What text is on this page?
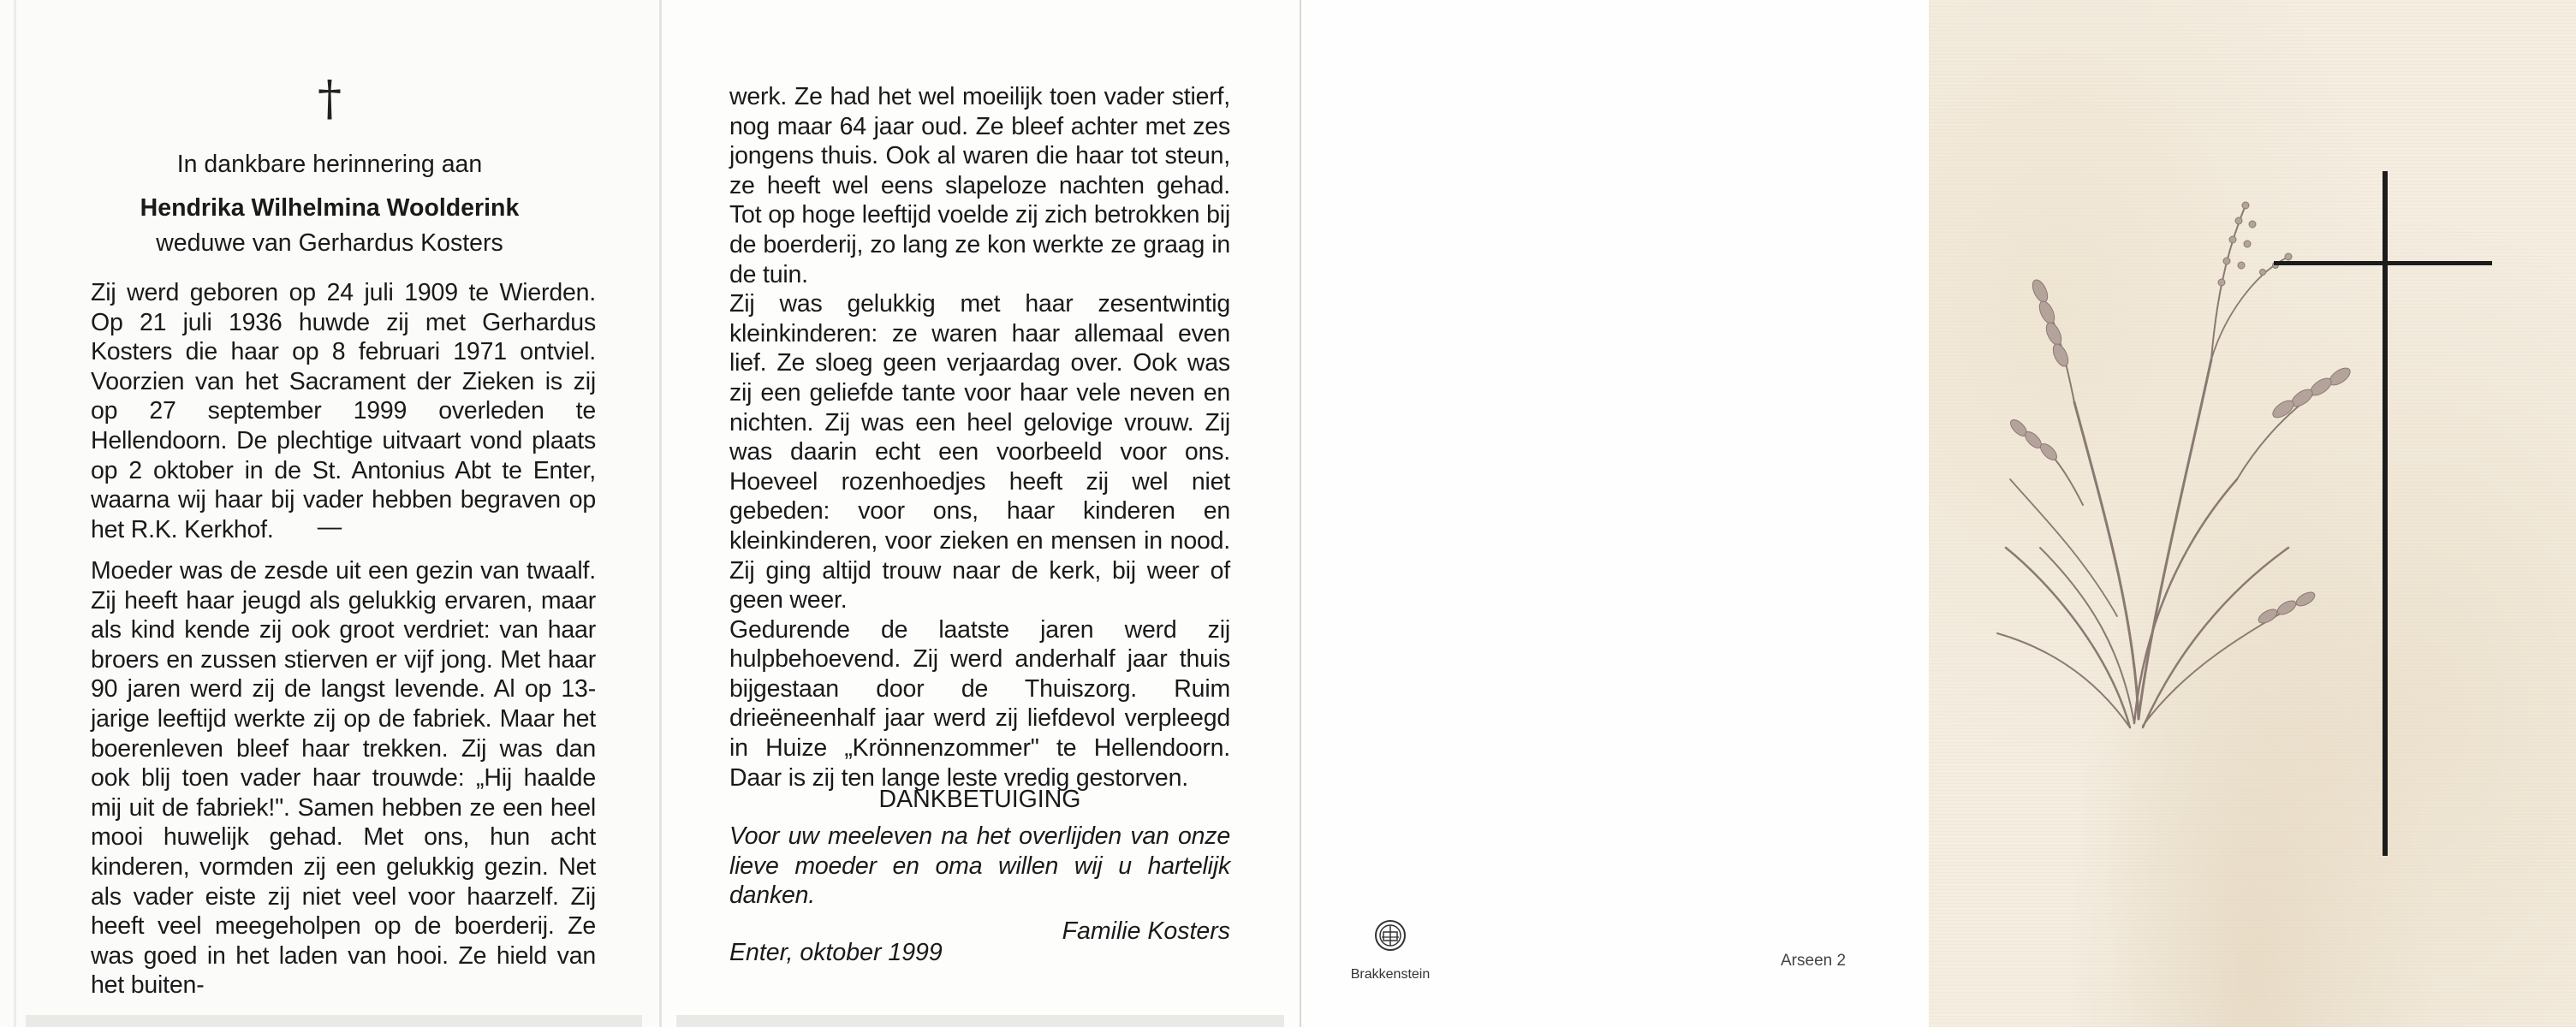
†
In dankbare herinnering aan
Hendrika Wilhelmina Woolderink
weduwe van Gerhardus Kosters
Zij werd geboren op 24 juli 1909 te Wierden. Op 21 juli 1936 huwde zij met Gerhardus Kosters die haar op 8 februari 1971 ontviel. Voorzien van het Sacrament der Zieken is zij op 27 september 1999 overleden te Hellendoorn. De plechtige uitvaart vond plaats op 2 oktober in de St. Antonius Abt te Enter, waarna wij haar bij vader hebben begraven op het R.K. Kerkhof.	—
Moeder was de zesde uit een gezin van twaalf. Zij heeft haar jeugd als gelukkig ervaren, maar als kind kende zij ook groot verdriet: van haar broers en zussen stierven er vijf jong. Met haar 90 jaren werd zij de langst levende. Al op 13-jarige leeftijd werkte zij op de fabriek. Maar het boerenleven bleef haar trekken. Zij was dan ook blij toen vader haar trouwde: „Hij haalde mij uit de fabriek!". Samen hebben ze een heel mooi huwelijk gehad. Met ons, hun acht kinderen, vormden zij een gelukkig gezin. Net als vader eiste zij niet veel voor haarzelf. Zij heeft veel meegeholpen op de boerderij. Ze was goed in het laden van hooi. Ze hield van het buiten-

werk. Ze had het wel moeilijk toen vader stierf, nog maar 64 jaar oud. Ze bleef achter met zes jongens thuis. Ook al waren die haar tot steun, ze heeft wel eens slapeloze nachten gehad. Tot op hoge leeftijd voelde zij zich betrokken bij de boerderij, zo lang ze kon werkte ze graag in de tuin.

Zij was gelukkig met haar zesentwintig kleinkinderen: ze waren haar allemaal even lief. Ze sloeg geen verjaardag over. Ook was zij een geliefde tante voor haar vele neven en nichten. Zij was een heel gelovige vrouw. Zij was daarin echt een voorbeeld voor ons. Hoeveel rozenhoedjes heeft zij wel niet gebeden: voor ons, haar kinderen en kleinkinderen, voor zieken en mensen in nood. Zij ging altijd trouw naar de kerk, bij weer of geen weer.

Gedurende de laatste jaren werd zij hulpbehoevend. Zij werd anderhalf jaar thuis bijgestaan door de Thuiszorg. Ruim drieëneenhalf jaar werd zij liefdevol verpleegd in Huize „Krönnenzommer" te Hellendoorn. Daar is zij ten lange leste vredig gestorven.

DANKBETUIGING
Voor uw meeleven na het overlijden van onze lieve moeder en oma willen wij u hartelijk danken.
Familie Kosters
Enter, oktober 1999
Brakkenstein
Arseen 2
